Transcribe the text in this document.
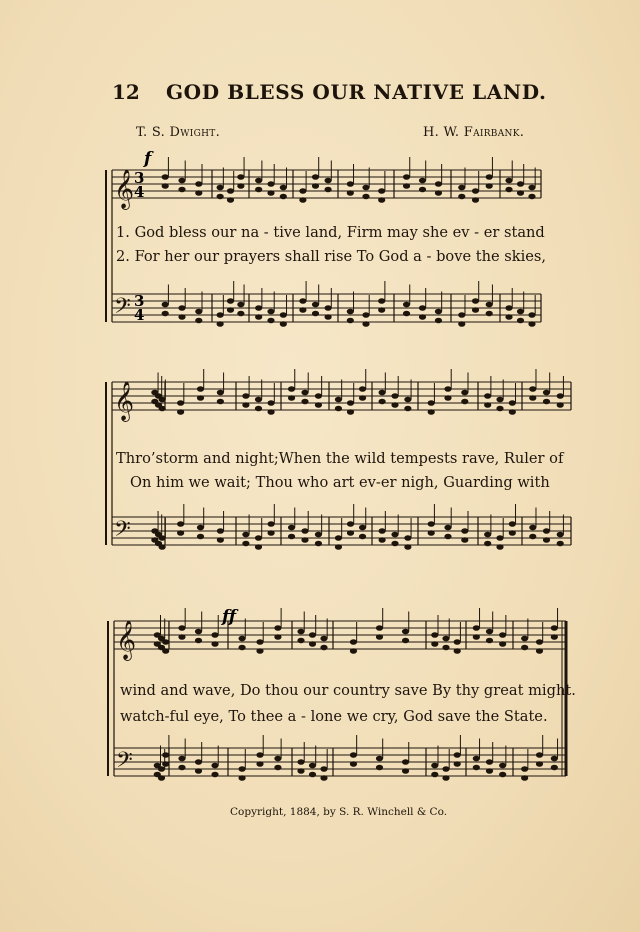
12 GOD BLESS OUR NATIVE LAND.
T. S. Dwight.	H. W. Fairbank.
𝄞
𝄢
𝄞
𝄢
𝄞
𝄢
f
3
4
3
4
ff
1. God bless our na - tive land, Firm may she ev - er stand
2. For her our prayers shall rise To God a - bove the skies,
Thro’storm and night;When the wild tempests rave, Ruler of
On him we wait; Thou who art ev-er nigh, Guarding with
wind and wave, Do thou our country save By thy great might.
watch-ful eye, To thee a - lone we cry, God save the State.
Copyright, 1884, by S. R. Winchell & Co.
